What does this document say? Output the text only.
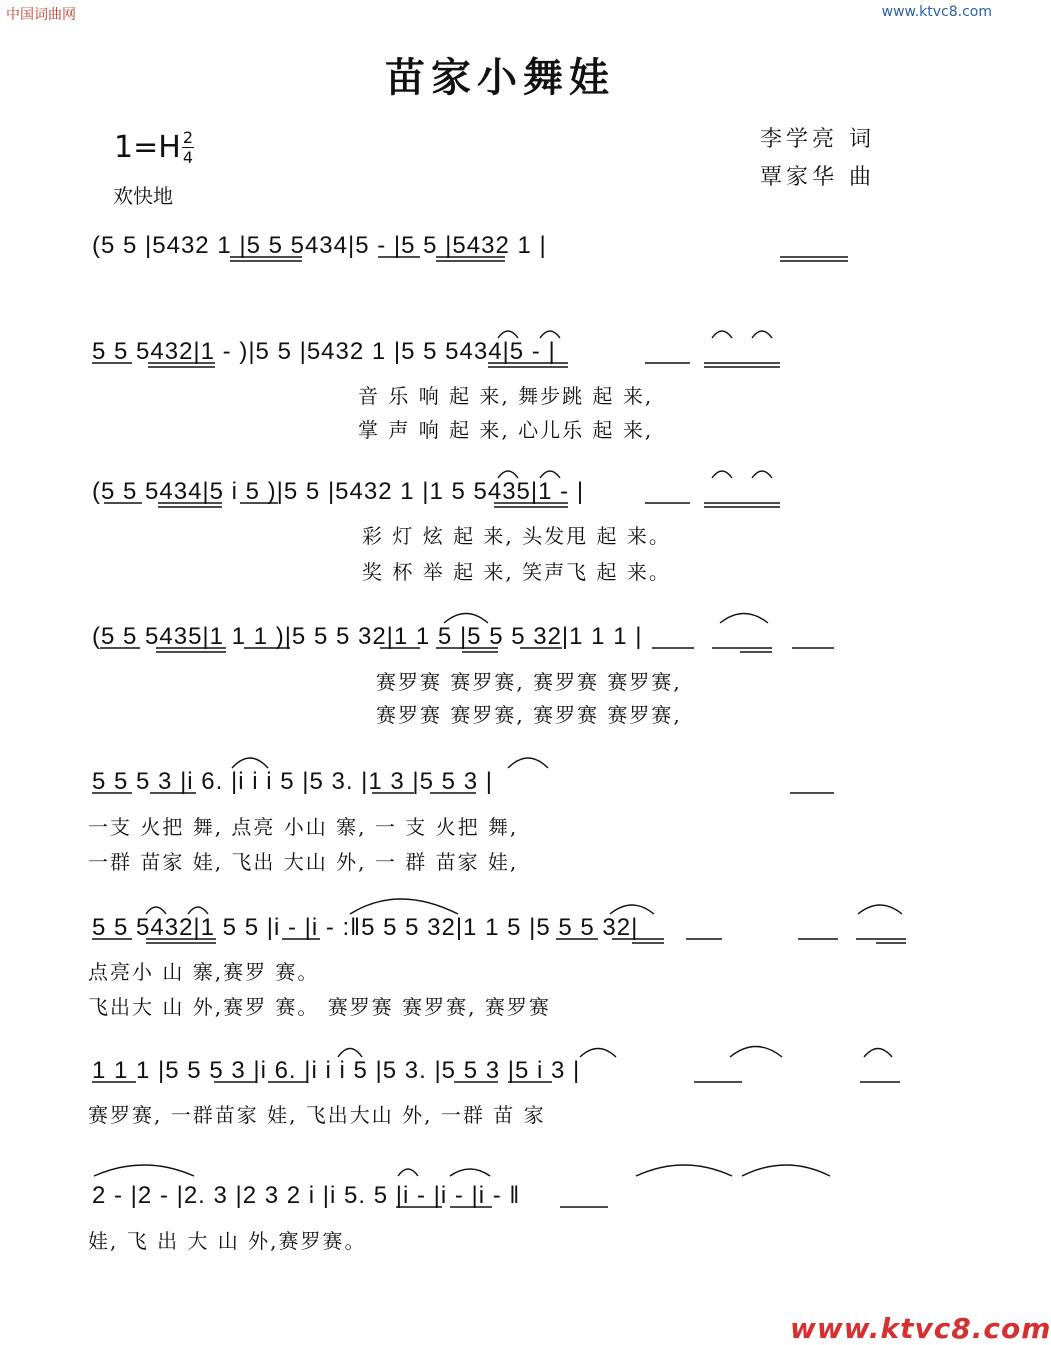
中国词曲网	www.ktvc8.com
苗家小舞娃
李学亮 词
覃家华 曲
1=H 2
4
欢快地
(5 5 |5432 1 |5 5 5434|5 - |5 5 |5432 1 |
5 5 5432|1 - )|5 5 |5432 1 |5 5 5434|5 - |
音 乐 响 起 来, 舞步跳 起 来,
掌 声 响 起 来, 心儿乐 起 来,
(5 5 5434|5 i 5 )|5 5 |5432 1 |1 5 5435|1 - |
彩 灯 炫 起 来, 头发甩 起 来。
奖 杯 举 起 来, 笑声飞 起 来。
(5 5 5435|1 1 1 )|5 5 5 32|1 1 5 |5 5 5 32|1 1 1 |
赛罗赛 赛罗赛, 赛罗赛 赛罗赛,
赛罗赛 赛罗赛, 赛罗赛 赛罗赛,
5 5 5 3 |i 6. |i i i 5 |5 3. |1 3 |5 5 3 |
一支 火把 舞, 点亮 小山 寨, 一 支 火把 舞,
一群 苗家 娃, 飞出 大山 外, 一 群 苗家 娃,
5 5 5432|1 5 5 |i - |i - :‖5 5 5 32|1 1 5 |5 5 5 32|
点亮小 山 寨,赛罗 赛。
飞出大 山 外,赛罗 赛。 赛罗赛 赛罗赛, 赛罗赛
1 1 1 |5 5 5 3 |i 6. |i i i 5 |5 3. |5 5 3 |5 i 3 |
赛罗赛, 一群苗家 娃, 飞出大山 外, 一群 苗 家
2 - |2 - |2. 3 |2 3 2 i |i 5. 5 |i - |i - |i - ‖
娃, 飞 出 大 山 外,赛罗赛。
www.ktvc8.com
